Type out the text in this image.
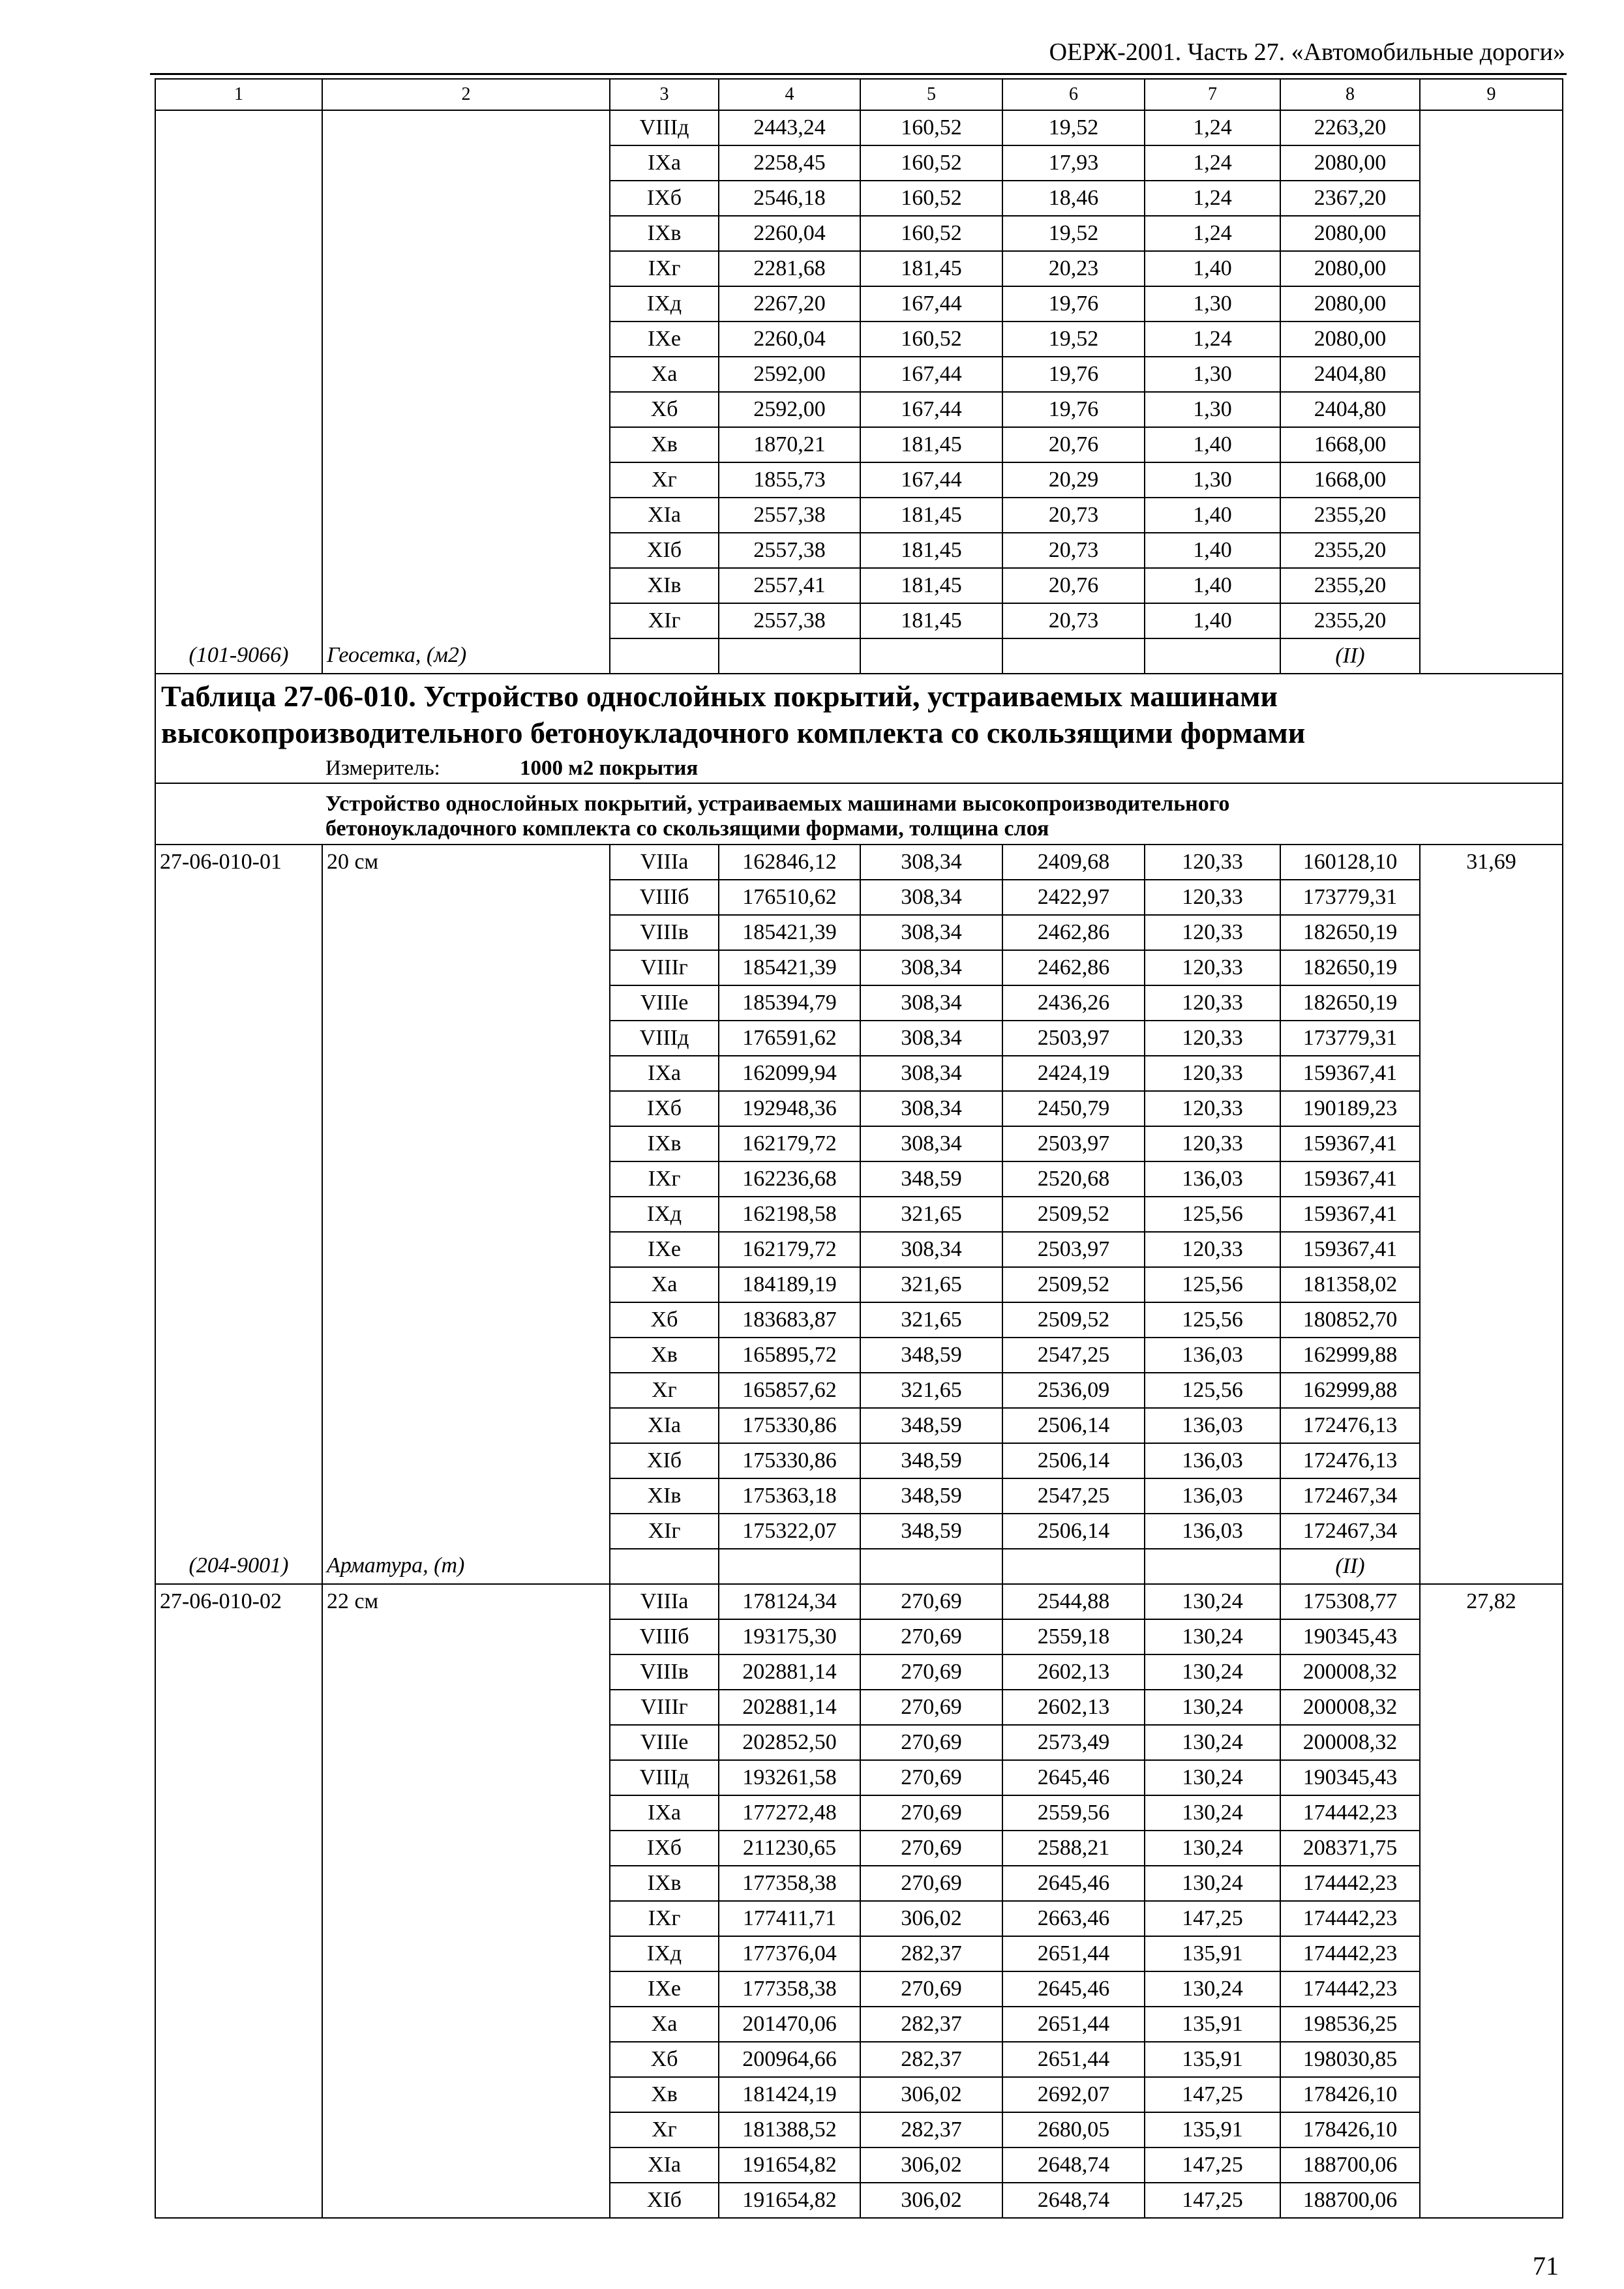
ОЕРЖ-2001. Часть 27. «Автомобильные дороги»
1	2	3	4	5	6	7	8	9
		VIIIд	2443,24	160,52	19,52	1,24	2263,20	
		IXа	2258,45	160,52	17,93	1,24	2080,00	
		IXб	2546,18	160,52	18,46	1,24	2367,20	
		IXв	2260,04	160,52	19,52	1,24	2080,00	
		IXг	2281,68	181,45	20,23	1,40	2080,00	
		IXд	2267,20	167,44	19,76	1,30	2080,00	
		IXе	2260,04	160,52	19,52	1,24	2080,00	
		Xа	2592,00	167,44	19,76	1,30	2404,80	
		Xб	2592,00	167,44	19,76	1,30	2404,80	
		Xв	1870,21	181,45	20,76	1,40	1668,00	
		Xг	1855,73	167,44	20,29	1,30	1668,00	
		XIа	2557,38	181,45	20,73	1,40	2355,20	
		XIб	2557,38	181,45	20,73	1,40	2355,20	
		XIв	2557,41	181,45	20,76	1,40	2355,20	
		XIг	2557,38	181,45	20,73	1,40	2355,20	
(101-9066)	Геосетка, (м2)						(II)	

Таблица 27-06-010. Устройство однослойных покрытий, устраиваемых машинами
высокопроизводительного бетоноукладочного комплекта со скользящими формами
Измеритель: 1000 м2 покрытия								

Устройство однослойных покрытий, устраиваемых машинами высокопроизводительного
бетоноукладочного комплекта со скользящими формами, толщина слоя								

27-06-010-01	20 см	VIIIа	162846,12	308,34	2409,68	120,33	160128,10	31,69
		VIIIб	176510,62	308,34	2422,97	120,33	173779,31	
		VIIIв	185421,39	308,34	2462,86	120,33	182650,19	
		VIIIг	185421,39	308,34	2462,86	120,33	182650,19	
		VIIIе	185394,79	308,34	2436,26	120,33	182650,19	
		VIIIд	176591,62	308,34	2503,97	120,33	173779,31	
		IXа	162099,94	308,34	2424,19	120,33	159367,41	
		IXб	192948,36	308,34	2450,79	120,33	190189,23	
		IXв	162179,72	308,34	2503,97	120,33	159367,41	
		IXг	162236,68	348,59	2520,68	136,03	159367,41	
		IXд	162198,58	321,65	2509,52	125,56	159367,41	
		IXе	162179,72	308,34	2503,97	120,33	159367,41	
		Xа	184189,19	321,65	2509,52	125,56	181358,02	
		Xб	183683,87	321,65	2509,52	125,56	180852,70	
		Xв	165895,72	348,59	2547,25	136,03	162999,88	
		Xг	165857,62	321,65	2536,09	125,56	162999,88	
		XIа	175330,86	348,59	2506,14	136,03	172476,13	
		XIб	175330,86	348,59	2506,14	136,03	172476,13	
		XIв	175363,18	348,59	2547,25	136,03	172467,34	
		XIг	175322,07	348,59	2506,14	136,03	172467,34	
(204-9001)	Арматура, (т)						(II)	
27-06-010-02	22 см	VIIIа	178124,34	270,69	2544,88	130,24	175308,77	27,82
		VIIIб	193175,30	270,69	2559,18	130,24	190345,43	
		VIIIв	202881,14	270,69	2602,13	130,24	200008,32	
		VIIIг	202881,14	270,69	2602,13	130,24	200008,32	
		VIIIе	202852,50	270,69	2573,49	130,24	200008,32	
		VIIIд	193261,58	270,69	2645,46	130,24	190345,43	
		IXа	177272,48	270,69	2559,56	130,24	174442,23	
		IXб	211230,65	270,69	2588,21	130,24	208371,75	
		IXв	177358,38	270,69	2645,46	130,24	174442,23	
		IXг	177411,71	306,02	2663,46	147,25	174442,23	
		IXд	177376,04	282,37	2651,44	135,91	174442,23	
		IXе	177358,38	270,69	2645,46	130,24	174442,23	
		Xа	201470,06	282,37	2651,44	135,91	198536,25	
		Xб	200964,66	282,37	2651,44	135,91	198030,85	
		Xв	181424,19	306,02	2692,07	147,25	178426,10	
		Xг	181388,52	282,37	2680,05	135,91	178426,10	
		XIа	191654,82	306,02	2648,74	147,25	188700,06	
		XIб	191654,82	306,02	2648,74	147,25	188700,06	
71
